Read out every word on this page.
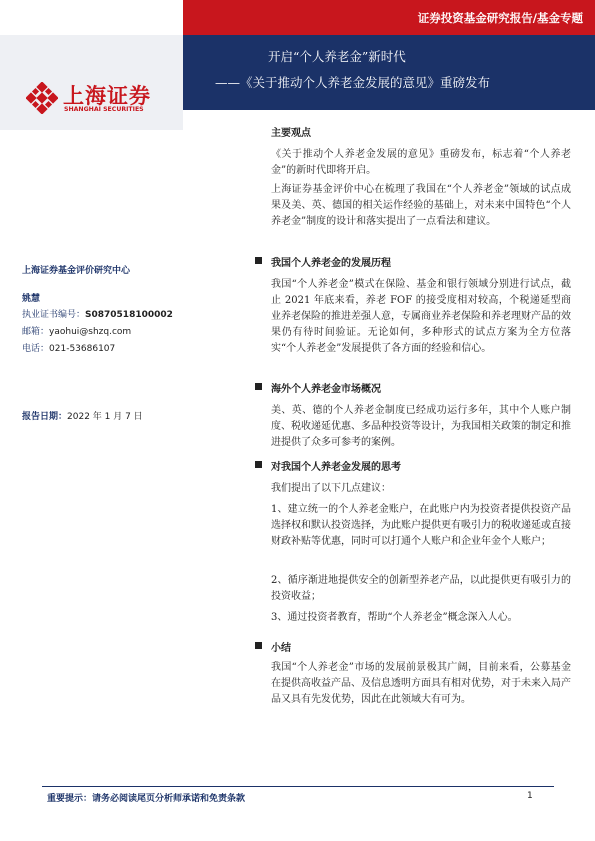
证券投资基金研究报告/基金专题
开启“个人养老金”新时代
——《关于推动个人养老金发展的意见》重磅发布
上海证券
SHANGHAI SECURITIES
上海证券基金评价研究中心
姚慧
执业证书编号：S0870518100002
邮箱：yaohui@shzq.com
电话：021-53686107
报告日期：2022 年 1 月 7 日
主要观点
《关于推动个人养老金发展的意见》重磅发布，标志着“个人养老金”的新时代即将开启。
上海证券基金评价中心在梳理了我国在“个人养老金”领域的试点成果及美、英、德国的相关运作经验的基础上，对未来中国特色“个人养老金”制度的设计和落实提出了一点看法和建议。
我国个人养老金的发展历程
我国“个人养老金”模式在保险、基金和银行领域分别进行试点，截止 2021 年底来看，养老 FOF 的接受度相对较高，个税递延型商业养老保险的推进差强人意，专属商业养老保险和养老理财产品的效果仍有待时间验证。无论如何，多种形式的试点方案为全方位落实“个人养老金”发展提供了各方面的经验和信心。
海外个人养老金市场概况
美、英、德的个人养老金制度已经成功运行多年，其中个人账户制度、税收递延优惠、多品种投资等设计，为我国相关政策的制定和推进提供了众多可参考的案例。
对我国个人养老金发展的思考
我们提出了以下几点建议：
1、建立统一的个人养老金账户，在此账户内为投资者提供投资产品选择权和默认投资选择，为此账户提供更有吸引力的税收递延或直接财政补贴等优惠，同时可以打通个人账户和企业年金个人账户；
2、循序渐进地提供安全的创新型养老产品，以此提供更有吸引力的投资收益；
3、通过投资者教育，帮助“个人养老金”概念深入人心。
小结
我国“个人养老金”市场的发展前景极其广阔，目前来看，公募基金在提供高收益产品、及信息透明方面具有相对优势，对于未来入局产品又具有先发优势，因此在此领域大有可为。
重要提示：请务必阅读尾页分析师承诺和免责条款	1
